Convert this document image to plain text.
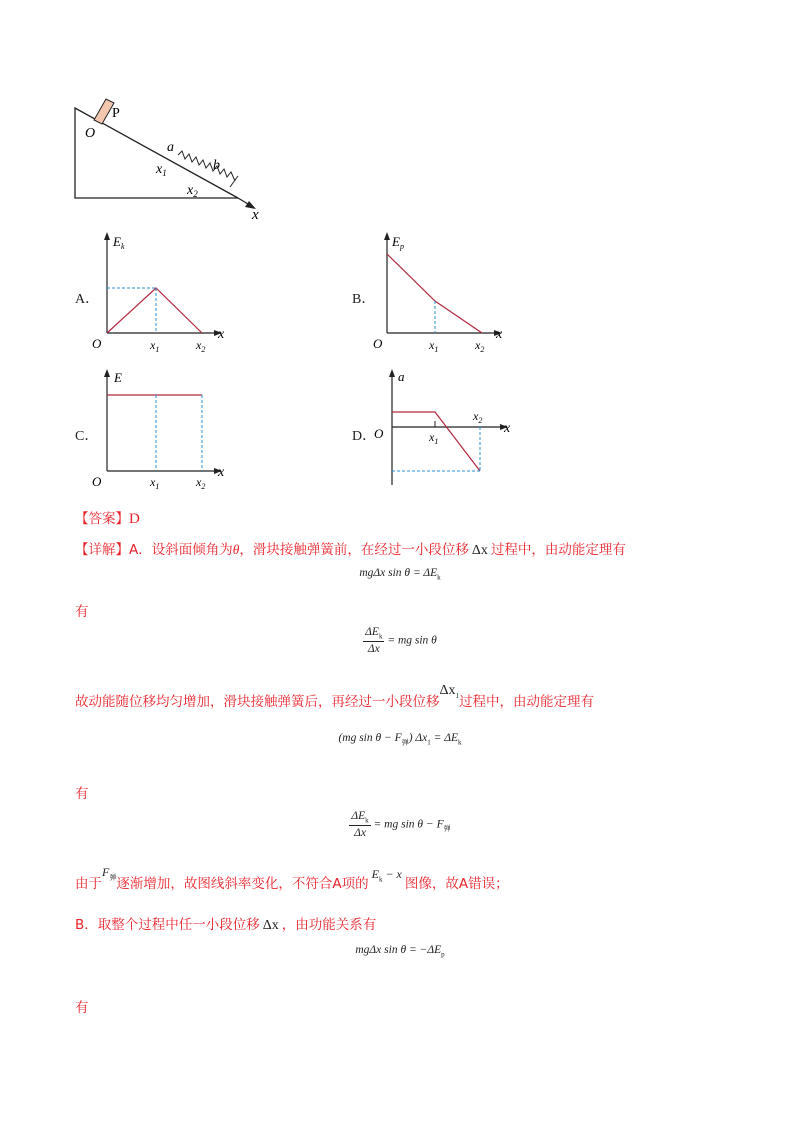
P
O
a
b
$x_1$
$x_2$
x
A．
$E_k$
O	$x_1$	$x_2$
x
B．
$E_p$
O	$x_1$	$x_2$
x
C．
E
O	$x_1$	$x_2$
x
D．
a
O	$x_1$
$x_2$
x
【答案】D
【详解】A．设斜面倾角为θ，滑块接触弹簧前，在经过一小段位移 Δx 过程中，由动能定理有
mgΔx $\sin \theta = \Delta E_k$
有
$\frac{\Delta E_k}{\Delta x}$ = mg sin θ
故动能随位移均匀增加，滑块接触弹簧后，再经过一小段位移$\Delta x_1$过程中，由动能定理有
(mg $\sin \theta - F_弹$) $\Delta x_1 = \Delta E_k$
有
$\frac{\Delta E_k}{\Delta x}$ = mg $\sin \theta - F_弹$
由于$F_弹$逐渐增加，故图线斜率变化，不符合A项的$E_k - x$图像，故A错误；
B．取整个过程中任一小段位移 Δx ，由功能关系有
mgΔx $\sin \theta = -\Delta E_p$
有
